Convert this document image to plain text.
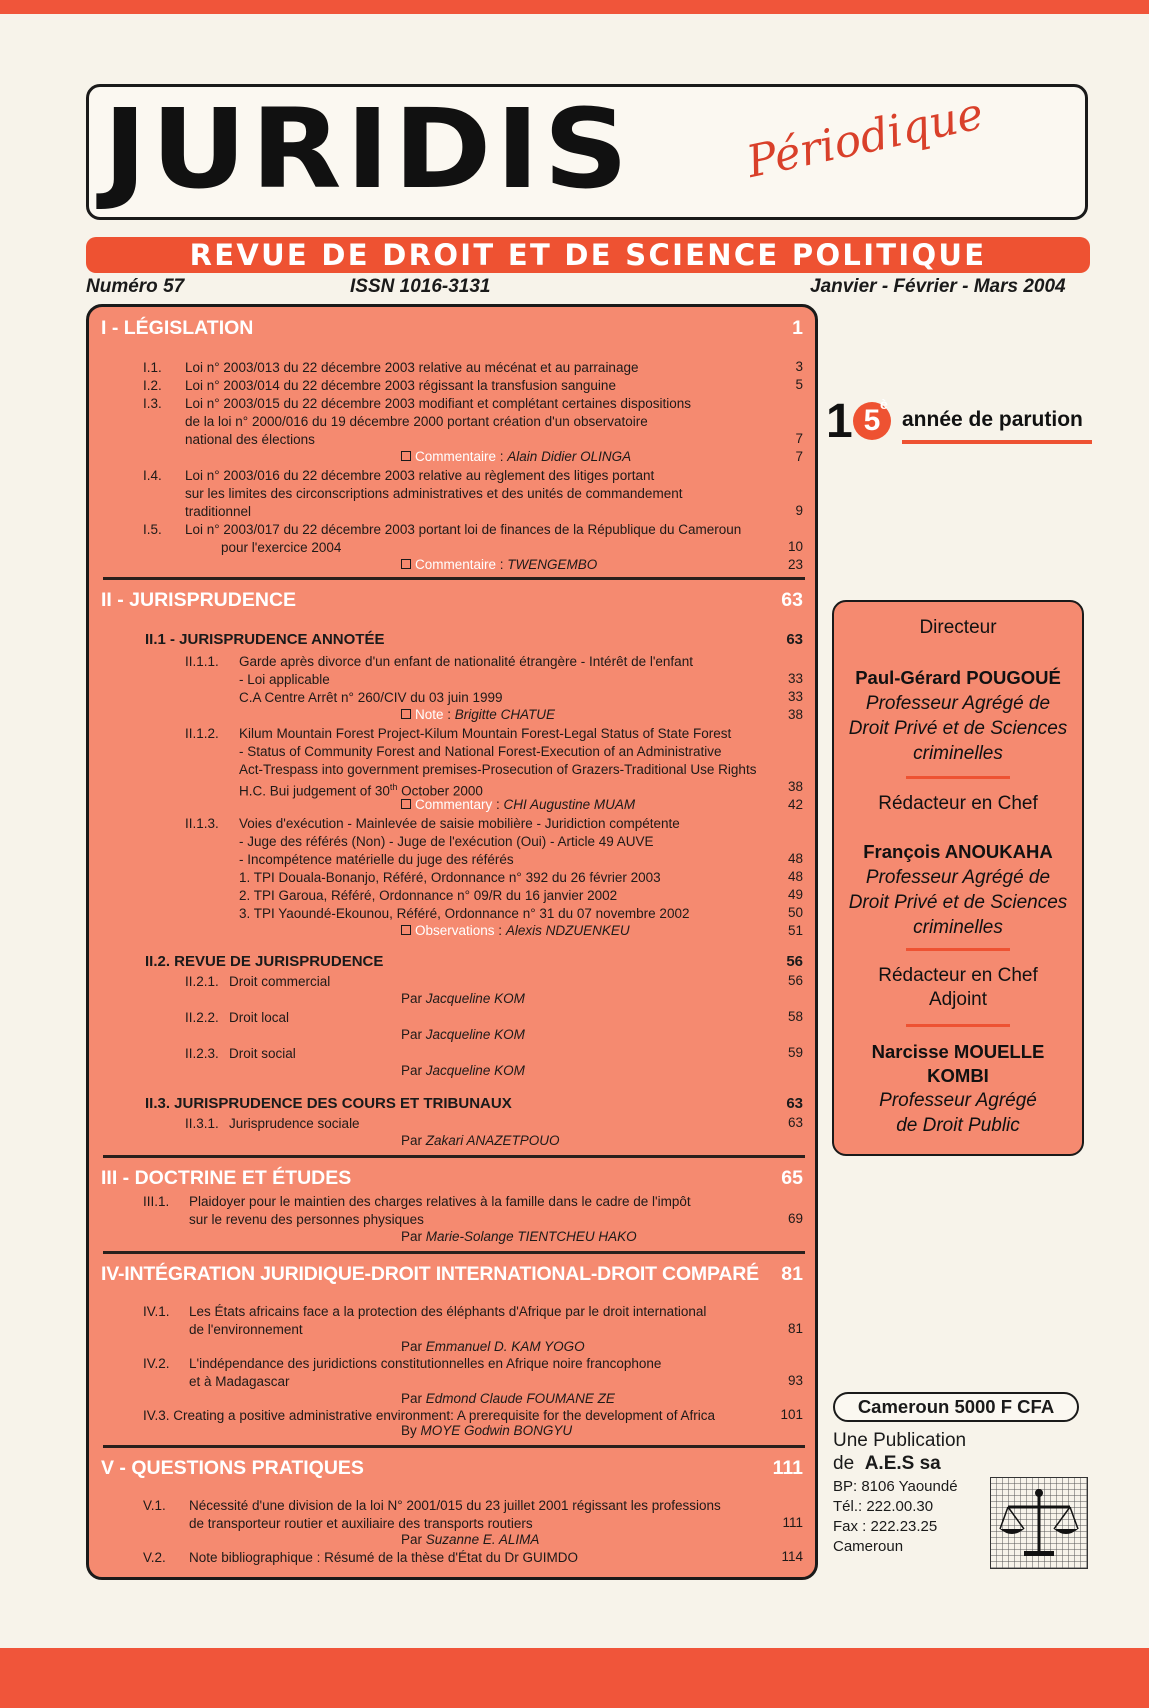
JURIDIS	Périodique
REVUE DE DROIT ET DE SCIENCE POLITIQUE
Numéro 57	ISSN 1016-3131	Janvier - Février - Mars 2004
I - LÉGISLATION	1
I.1. Loi n° 2003/013 du 22 décembre 2003 relative au mécénat et au parrainage	3
I.2. Loi n° 2003/014 du 22 décembre 2003 régissant la transfusion sanguine	5
I.3. Loi n° 2003/015 du 22 décembre 2003 modifiant et complétant certaines dispositions
de la loi n° 2000/016 du 19 décembre 2000 portant création d'un observatoire
national des élections	7
Commentaire : Alain Didier OLINGA	7
I.4. Loi n° 2003/016 du 22 décembre 2003 relative au règlement des litiges portant
sur les limites des circonscriptions administratives et des unités de commandement
traditionnel	9
I.5. Loi n° 2003/017 du 22 décembre 2003 portant loi de finances de la République du Cameroun
pour l'exercice 2004	10
Commentaire : TWENGEMBO	23
II - JURISPRUDENCE	63
II.1 - JURISPRUDENCE ANNOTÉE	63
II.1.1. Garde après divorce d'un enfant de nationalité étrangère - Intérêt de l'enfant
- Loi applicable	33
C.A Centre Arrêt n° 260/CIV du 03 juin 1999	33
Note : Brigitte CHATUE	38
II.1.2. Kilum Mountain Forest Project-Kilum Mountain Forest-Legal Status of State Forest
- Status of Community Forest and National Forest-Execution of an Administrative
Act-Trespass into government premises-Prosecution of Grazers-Traditional Use Rights
H.C. Bui judgement of 30th October 2000	38
Commentary : CHI Augustine MUAM	42
II.1.3. Voies d'exécution - Mainlevée de saisie mobilière - Juridiction compétente
- Juge des référés (Non) - Juge de l'exécution (Oui) - Article 49 AUVE
- Incompétence matérielle du juge des référés	48
1. TPI Douala-Bonanjo, Référé, Ordonnance n° 392 du 26 février 2003	48
2. TPI Garoua, Référé, Ordonnance n° 09/R du 16 janvier 2002	49
3. TPI Yaoundé-Ekounou, Référé, Ordonnance n° 31 du 07 novembre 2002	50
Observations : Alexis NDZUENKEU	51
II.2. REVUE DE JURISPRUDENCE	56
II.2.1. Droit commercial	56
Par Jacqueline KOM
II.2.2. Droit local	58
Par Jacqueline KOM
II.2.3. Droit social	59
Par Jacqueline KOM
II.3. JURISPRUDENCE DES COURS ET TRIBUNAUX	63
II.3.1. Jurisprudence sociale	63
Par Zakari ANAZETPOUO
III - DOCTRINE ET ÉTUDES	65
III.1. Plaidoyer pour le maintien des charges relatives à la famille dans le cadre de l'impôt
sur le revenu des personnes physiques	69
Par Marie-Solange TIENTCHEU HAKO
IV-INTÉGRATION JURIDIQUE-DROIT INTERNATIONAL-DROIT COMPARÉ 81
IV.1. Les États africains face a la protection des éléphants d'Afrique par le droit international
de l'environnement	81
Par Emmanuel D. KAM YOGO
IV.2. L'indépendance des juridictions constitutionnelles en Afrique noire francophone
et à Madagascar	93
Par Edmond Claude FOUMANE ZE
IV.3. Creating a positive administrative environment: A prerequisite for the development of Africa	101
By MOYE Godwin BONGYU
V - QUESTIONS PRATIQUES	111
V.1. Nécessité d'une division de la loi N° 2001/015 du 23 juillet 2001 régissant les professions
de transporteur routier et auxiliaire des transports routiers	111
Par Suzanne E. ALIMA
V.2. Note bibliographique : Résumé de la thèse d'État du Dr GUIMDO	114
1 5 è
année de parution
Directeur
Paul-Gérard POUGOUÉ
Professeur Agrégé de
Droit Privé et de Sciences
criminelles
Rédacteur en Chef
François ANOUKAHA
Professeur Agrégé de
Droit Privé et de Sciences
criminelles
Rédacteur en Chef
Adjoint
Narcisse MOUELLE
KOMBI
Professeur Agrégé
de Droit Public
Cameroun 5000 F CFA
Une Publication
de A.E.S sa
BP: 8106 Yaoundé
Tél.: 222.00.30
Fax : 222.23.25
Cameroun
